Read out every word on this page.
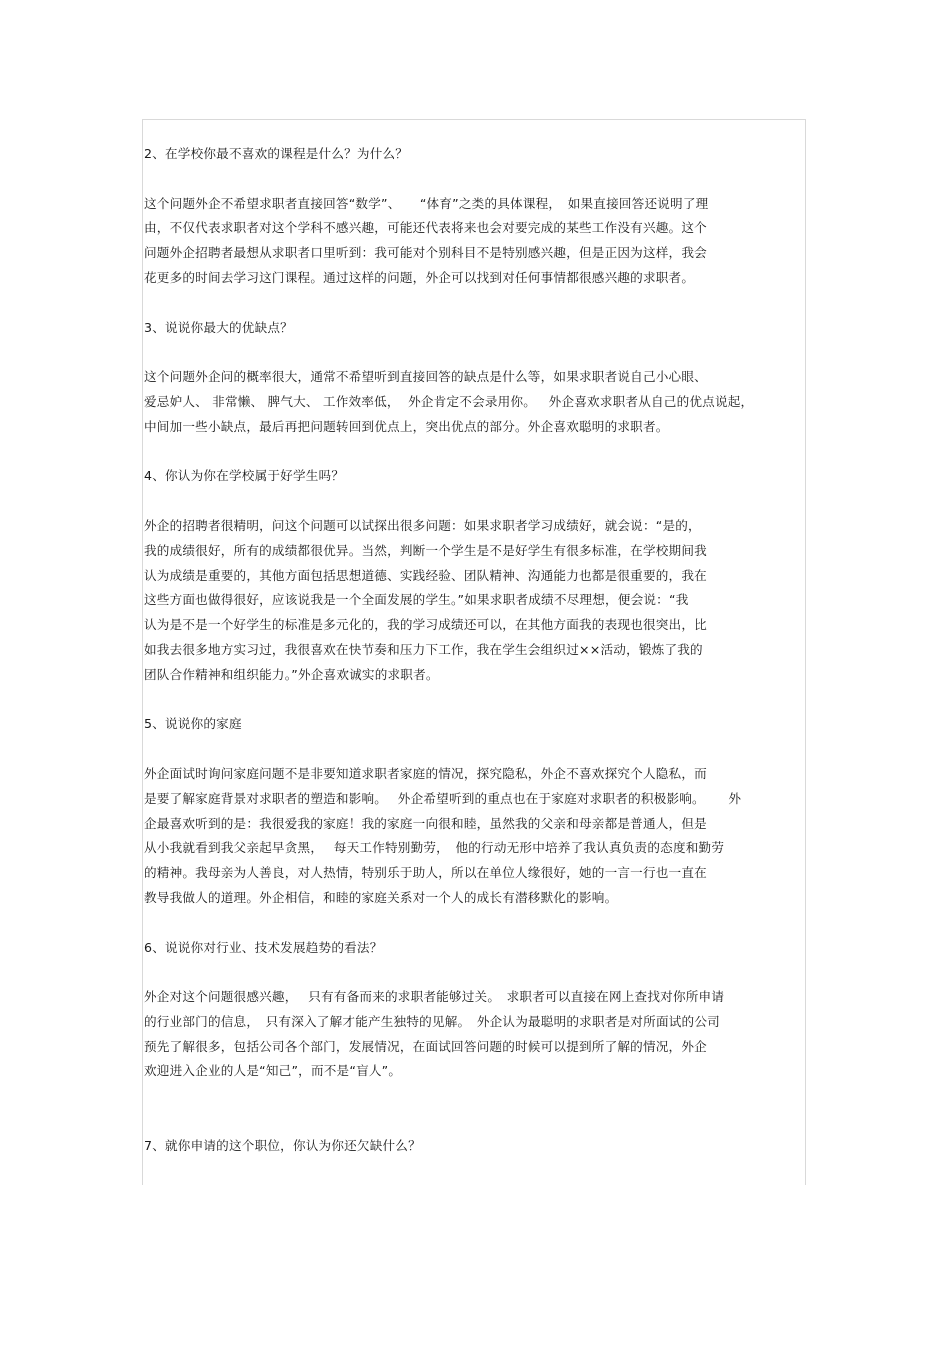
2、在学校你最不喜欢的课程是什么？为什么？
这个问题外企不希望求职者直接回答“数学”、　　“体育”之类的具体课程，　如果直接回答还说明了理
由，不仅代表求职者对这个学科不感兴趣，可能还代表将来也会对要完成的某些工作没有兴趣。这个
问题外企招聘者最想从求职者口里听到：我可能对个别科目不是特别感兴趣，但是正因为这样，我会
花更多的时间去学习这门课程。通过这样的问题，外企可以找到对任何事情都很感兴趣的求职者。
3、说说你最大的优缺点？
这个问题外企问的概率很大，通常不希望听到直接回答的缺点是什么等，如果求职者说自己小心眼、
爱忌妒人、 非常懒、 脾气大、 工作效率低，  外企肯定不会录用你。   外企喜欢求职者从自己的优点说起，
中间加一些小缺点，最后再把问题转回到优点上，突出优点的部分。外企喜欢聪明的求职者。
4、你认为你在学校属于好学生吗？
外企的招聘者很精明，问这个问题可以试探出很多问题：如果求职者学习成绩好，就会说：“是的，
我的成绩很好，所有的成绩都很优异。当然，判断一个学生是不是好学生有很多标准，在学校期间我
认为成绩是重要的，其他方面包括思想道德、实践经验、团队精神、沟通能力也都是很重要的，我在
这些方面也做得很好，应该说我是一个全面发展的学生。”如果求职者成绩不尽理想，便会说：“我
认为是不是一个好学生的标准是多元化的，我的学习成绩还可以，在其他方面我的表现也很突出，比
如我去很多地方实习过，我很喜欢在快节奏和压力下工作，我在学生会组织过××活动，锻炼了我的
团队合作精神和组织能力。”外企喜欢诚实的求职者。
5、说说你的家庭
外企面试时询问家庭问题不是非要知道求职者家庭的情况，探究隐私，外企不喜欢探究个人隐私，而
是要了解家庭背景对求职者的塑造和影响。　 外企希望听到的重点也在于家庭对求职者的积极影响。　　 外
企最喜欢听到的是：我很爱我的家庭！我的家庭一向很和睦，虽然我的父亲和母亲都是普通人，但是
从小我就看到我父亲起早贪黑，　 每天工作特别勤劳，　他的行动无形中培养了我认真负责的态度和勤劳
的精神。我母亲为人善良，对人热情，特别乐于助人，所以在单位人缘很好，她的一言一行也一直在
教导我做人的道理。外企相信，和睦的家庭关系对一个人的成长有潜移默化的影响。
6、说说你对行业、技术发展趋势的看法？
外企对这个问题很感兴趣，　 只有有备而来的求职者能够过关。　求职者可以直接在网上查找对你所申请
的行业部门的信息，　只有深入了解才能产生独特的见解。　外企认为最聪明的求职者是对所面试的公司
预先了解很多，包括公司各个部门，发展情况，在面试回答问题的时候可以提到所了解的情况，外企
欢迎进入企业的人是“知己”，而不是“盲人”。
7、就你申请的这个职位，你认为你还欠缺什么？
